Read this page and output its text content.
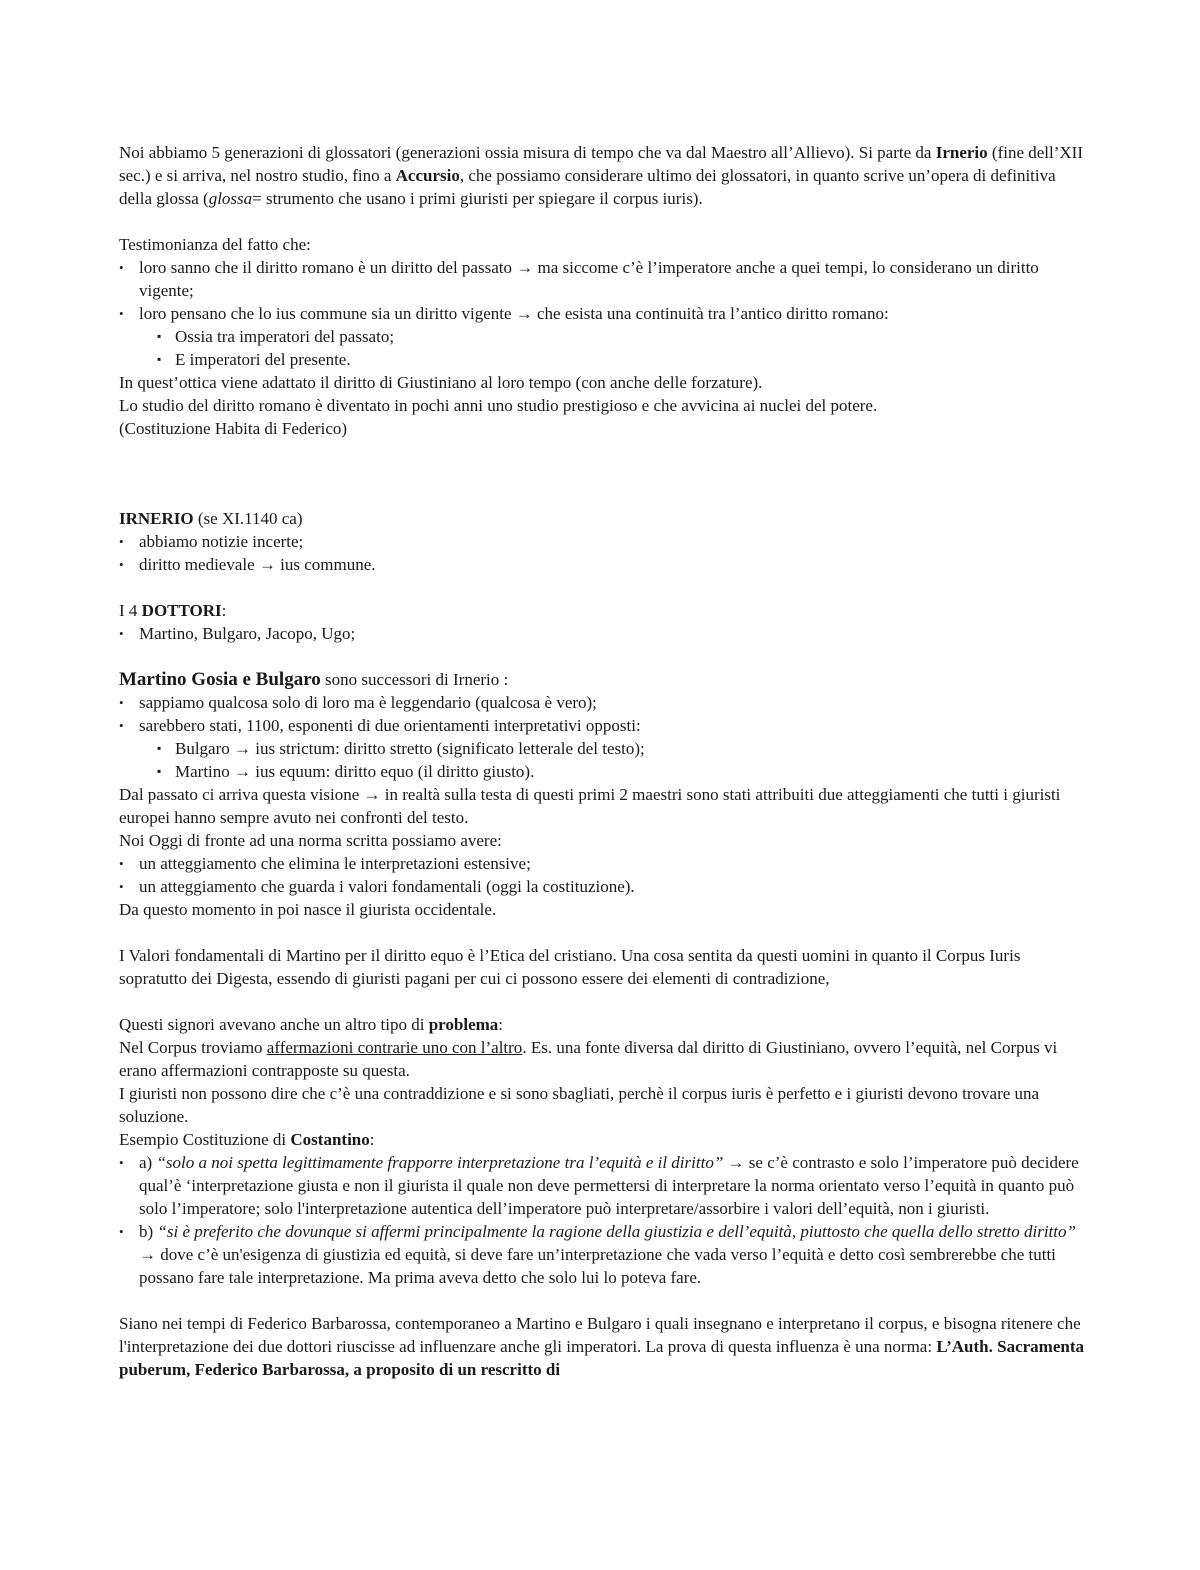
Noi abbiamo 5 generazioni di glossatori (generazioni ossia misura di tempo che va dal Maestro all’Allievo). Si parte da Irnerio (fine dell’XII sec.) e si arriva, nel nostro studio, fino a Accursio, che possiamo considerare ultimo dei glossatori, in quanto scrive un’opera di definitiva della glossa (glossa= strumento che usano i primi giuristi per spiegare il corpus iuris).

Testimonianza del fatto che:

• loro sanno che il diritto romano è un diritto del passato → ma siccome c’è l’imperatore anche a quei tempi, lo considerano un diritto vigente;
• loro pensano che lo ius commune sia un diritto vigente → che esista una continuità tra l’antico diritto romano:
▪ Ossia tra imperatori del passato;
▪ E imperatori del presente.

In quest’ottica viene adattato il diritto di Giustiniano al loro tempo (con anche delle forzature).

Lo studio del diritto romano è diventato in pochi anni uno studio prestigioso e che avvicina ai nuclei del potere.

(Costituzione Habita di Federico)

IRNERIO (se XI.1140 ca)

• abbiamo notizie incerte;
• diritto medievale → ius commune.

I 4 DOTTORI:

• Martino, Bulgaro, Jacopo, Ugo;

Martino Gosia e Bulgaro sono successori di Irnerio :

• sappiamo qualcosa solo di loro ma è leggendario (qualcosa è vero);
• sarebbero stati, 1100, esponenti di due orientamenti interpretativi opposti:
▪ Bulgaro → ius strictum: diritto stretto (significato letterale del testo);
▪ Martino → ius equum: diritto equo (il diritto giusto).

Dal passato ci arriva questa visione → in realtà sulla testa di questi primi 2 maestri sono stati attribuiti due atteggiamenti che tutti i giuristi europei hanno sempre avuto nei confronti del testo.

Noi Oggi di fronte ad una norma scritta possiamo avere:

• un atteggiamento che elimina le interpretazioni estensive;
• un atteggiamento che guarda i valori fondamentali (oggi la costituzione).

Da questo momento in poi nasce il giurista occidentale.

I Valori fondamentali di Martino per il diritto equo è l’Etica del cristiano. Una cosa sentita da questi uomini in quanto il Corpus Iuris sopratutto dei Digesta, essendo di giuristi pagani per cui ci possono essere dei elementi di contradizione,

Questi signori avevano anche un altro tipo di problema:

Nel Corpus troviamo affermazioni contrarie uno con l’altro. Es. una fonte diversa dal diritto di Giustiniano, ovvero l’equità, nel Corpus vi erano affermazioni contrapposte su questa.

I giuristi non possono dire che c’è una contraddizione e si sono sbagliati, perchè il corpus iuris è perfetto e i giuristi devono trovare una soluzione.

Esempio Costituzione di Costantino:

• a) “solo a noi spetta legittimamente frapporre interpretazione tra l’equità e il diritto” → se c’è contrasto e solo l’imperatore può decidere qual’è ‘interpretazione giusta e non il giurista il quale non deve permettersi di interpretare la norma orientato verso l’equità in quanto può solo l’imperatore; solo l'interpretazione autentica dell’imperatore può interpretare/assorbire i valori dell’equità, non i giuristi.
• b) “si è preferito che dovunque si affermi principalmente la ragione della giustizia e dell’equità, piuttosto che quella dello stretto diritto” → dove c’è un'esigenza di giustizia ed equità, si deve fare un’interpretazione che vada verso l’equità e detto così sembrerebbe che tutti possano fare tale interpretazione. Ma prima aveva detto che solo lui lo poteva fare.

Siano nei tempi di Federico Barbarossa, contemporaneo a Martino e Bulgaro i quali insegnano e interpretano il corpus, e bisogna ritenere che l'interpretazione dei due dottori riuscisse ad influenzare anche gli imperatori. La prova di questa influenza è una norma: L’Auth. Sacramenta puberum, Federico Barbarossa, a proposito di un rescritto di
